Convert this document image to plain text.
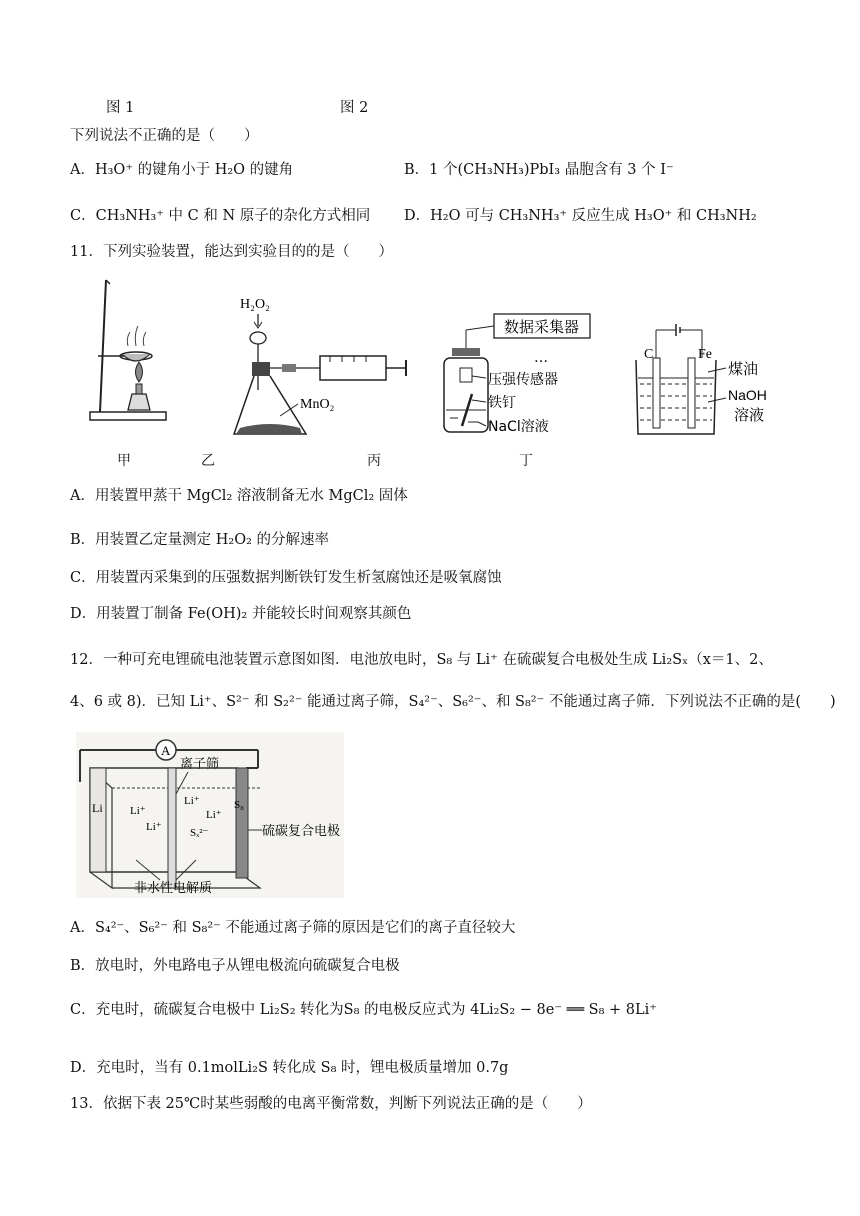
图 1	图 2
下列说法不正确的是（　　）
A．H₃O⁺ 的键角小于 H₂O 的键角	B．1 个(CH₃NH₃)PbI₃ 晶胞含有 3 个 I⁻
C．CH₃NH₃⁺ 中 C 和 N 原子的杂化方式相同 D．H₂O 可与 CH₃NH₃⁺ 反应生成 H₃O⁺ 和 CH₃NH₂
11．下列实验装置，能达到实验目的的是（　　）
H₂O₂
MnO₂
数据采集器
…
压强传感器
铁钉
NaCl溶液
C	Fe
煤油
NaOH
溶液
甲	乙	丙	丁
A．用装置甲蒸干 MgCl₂ 溶液制备无水 MgCl₂ 固体
B．用装置乙定量测定 H₂O₂ 的分解速率
C．用装置丙采集到的压强数据判断铁钉发生析氢腐蚀还是吸氧腐蚀
D．用装置丁制备 Fe(OH)₂ 并能较长时间观察其颜色
12．一种可充电锂硫电池装置示意图如图．电池放电时，S₈ 与 Li⁺ 在硫碳复合电极处生成 Li₂Sₓ（x＝1、2、
4、6 或 8)．已知 Li⁺、S²⁻ 和 S₂²⁻ 能通过离子筛，S₄²⁻、S₆²⁻、和 S₈²⁻ 不能通过离子筛．下列说法不正确的是(　　)
A
离子筛
Li	S₈
Li⁺
Li⁺
Li⁺
Li⁺
Sₓ²⁻	硫碳复合电极
非水性电解质
A．S₄²⁻、S₆²⁻ 和 S₈²⁻ 不能通过离子筛的原因是它们的离子直径较大
B．放电时，外电路电子从锂电极流向硫碳复合电极
C．充电时，硫碳复合电极中 Li₂S₂ 转化为S₈ 的电极反应式为 4Li₂S₂ − 8e⁻ ══ S₈ + 8Li⁺
D．充电时，当有 0.1molLi₂S 转化成 S₈ 时，锂电极质量增加 0.7g
13．依据下表 25℃时某些弱酸的电离平衡常数，判断下列说法正确的是（　　）
